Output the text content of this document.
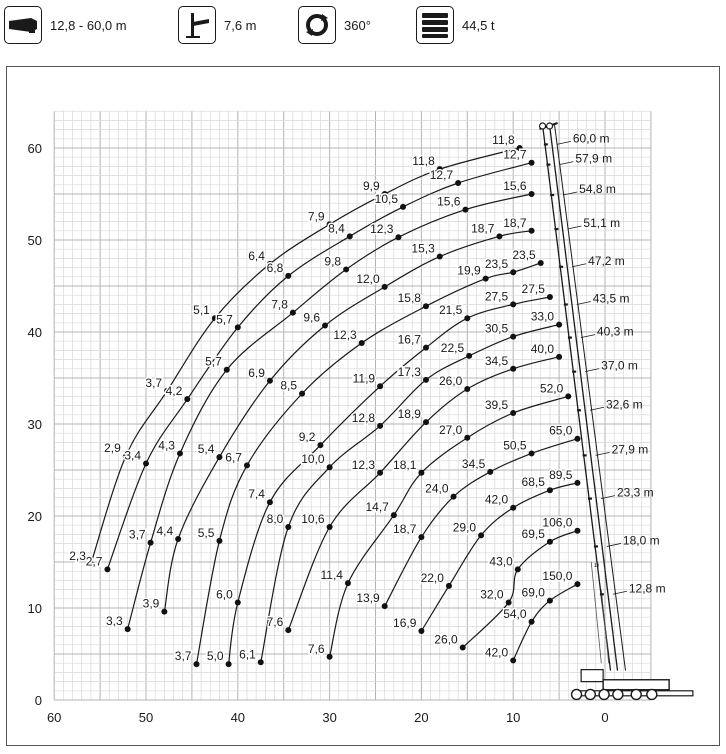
12,8 - 60,0 m	7,6 m	360°	44,5 t
60	50	40	30	20	10	0
0
10
20
30
40
50
60
2,3
2,9
3,7
5,1
6,4
7,9
9,9
11,8
11,8
2,7
3,4
4,2
5,7
6,8
8,4
10,5
12,7
12,7
3,3
3,7
4,3
5,7
7,8
9,8
12,3
15,6
15,6
3,9
4,4
5,4
6,9
9,6
12,0
15,3
18,7 18,7
3,7
5,5
6,7
8,5
12,3
15,8
19,9 23,5
23,5
5,0
6,0
7,4
9,2
11,9
16,7
21,5
27,5
27,5
6,1
8,0
10,0
12,8
17,3
22,5
30,5
33,0
7,6
10,6
12,3
18,9
26,0
34,5
40,0
7,6
11,4
14,7
18,1
27,0
39,5
52,0
13,9
18,7
24,0
34,5
50,5
65,0
16,9
22,0
29,0
42,0
68,5
89,5
26,0
32,0
43,0
69,5
106,0
42,0
54,0
69,0
150,0
¹⁾
60,0 m
57,9 m
54,8 m
51,1 m
47,2 m
43,5 m
40,3 m
37,0 m
32,6 m
27,9 m
23,3 m
18,0 m
12,8 m
